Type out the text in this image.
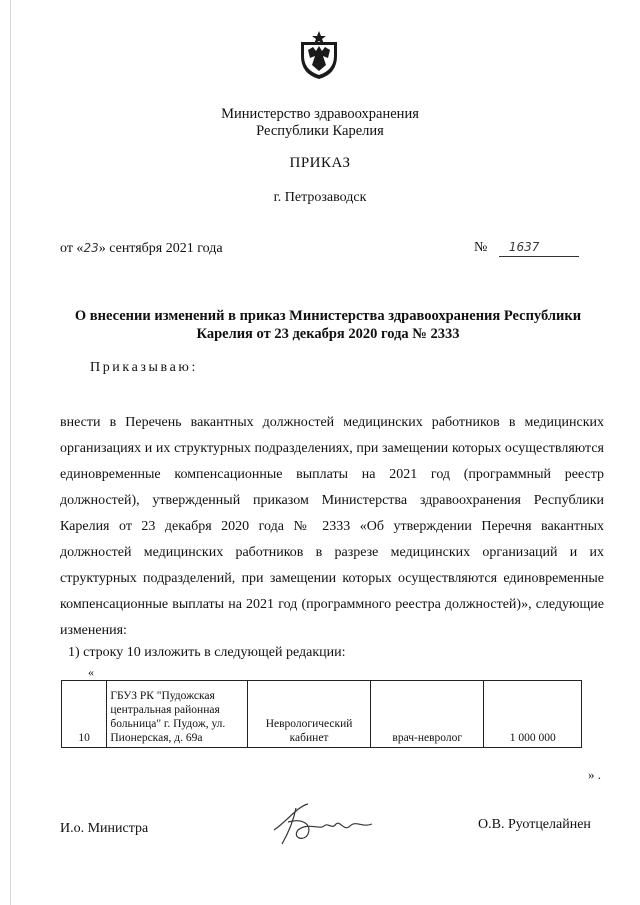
Министерство здравоохранения
Республики Карелия
ПРИКАЗ
г. Петрозаводск
от «23» сентября 2021 года	№ 1637
О внесении изменений в приказ Министерства здравоохранения Республики Карелия от 23 декабря 2020 года № 2333
Приказываю:
внести в Перечень вакантных должностей медицинских работников в медицинских организациях и их структурных подразделениях, при замещении которых осуществляются единовременные компенсационные выплаты на 2021 год (программный реестр должностей), утвержденный приказом Министерства здравоохранения Республики Карелия от 23 декабря 2020 года № 2333 «Об утверждении Перечня вакантных должностей медицинских работников в разрезе медицинских организаций и их структурных подразделений, при замещении которых осуществляются единовременные компенсационные выплаты на 2021 год (программного реестра должностей)», следующие изменения:
1) строку 10 изложить в следующей редакции:
«
10	ГБУЗ РК "Пудожская центральная районная больница" г. Пудож, ул. Пионерская, д. 69а	Неврологический кабинет	врач-невролог	1 000 000
» .
И.о. Министра	О.В. Руотцелайнен
